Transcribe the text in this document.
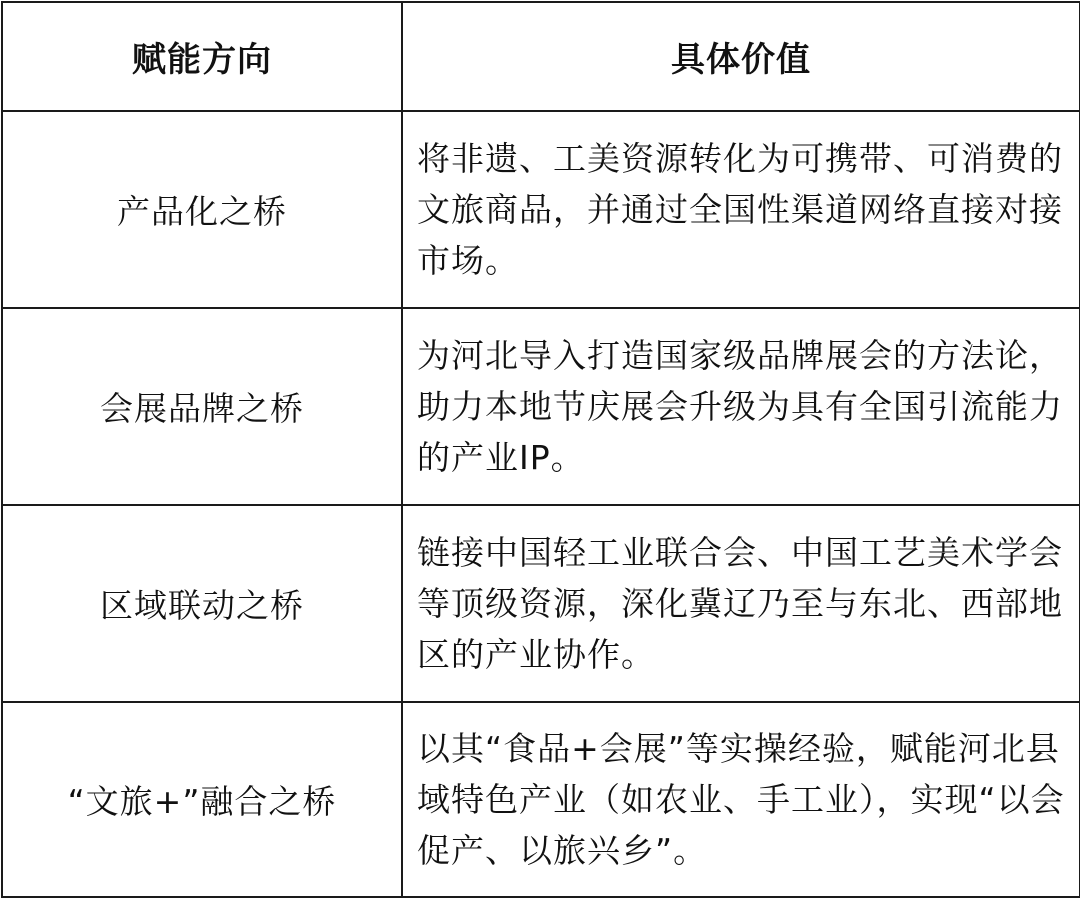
赋能方向	具体价值
产品化之桥	将非遗、工美资源转化为可携带、可消费的文旅商品，并通过全国性渠道网络直接对接市场。
会展品牌之桥	为河北导入打造国家级品牌展会的方法论，助力本地节庆展会升级为具有全国引流能力的产业IP。
区域联动之桥	链接中国轻工业联合会、中国工艺美术学会等顶级资源，深化冀辽乃至与东北、西部地区的产业协作。
“文旅+”融合之桥	以其“食品+会展”等实操经验，赋能河北县域特色产业（如农业、手工业），实现“以会促产、以旅兴乡”。
